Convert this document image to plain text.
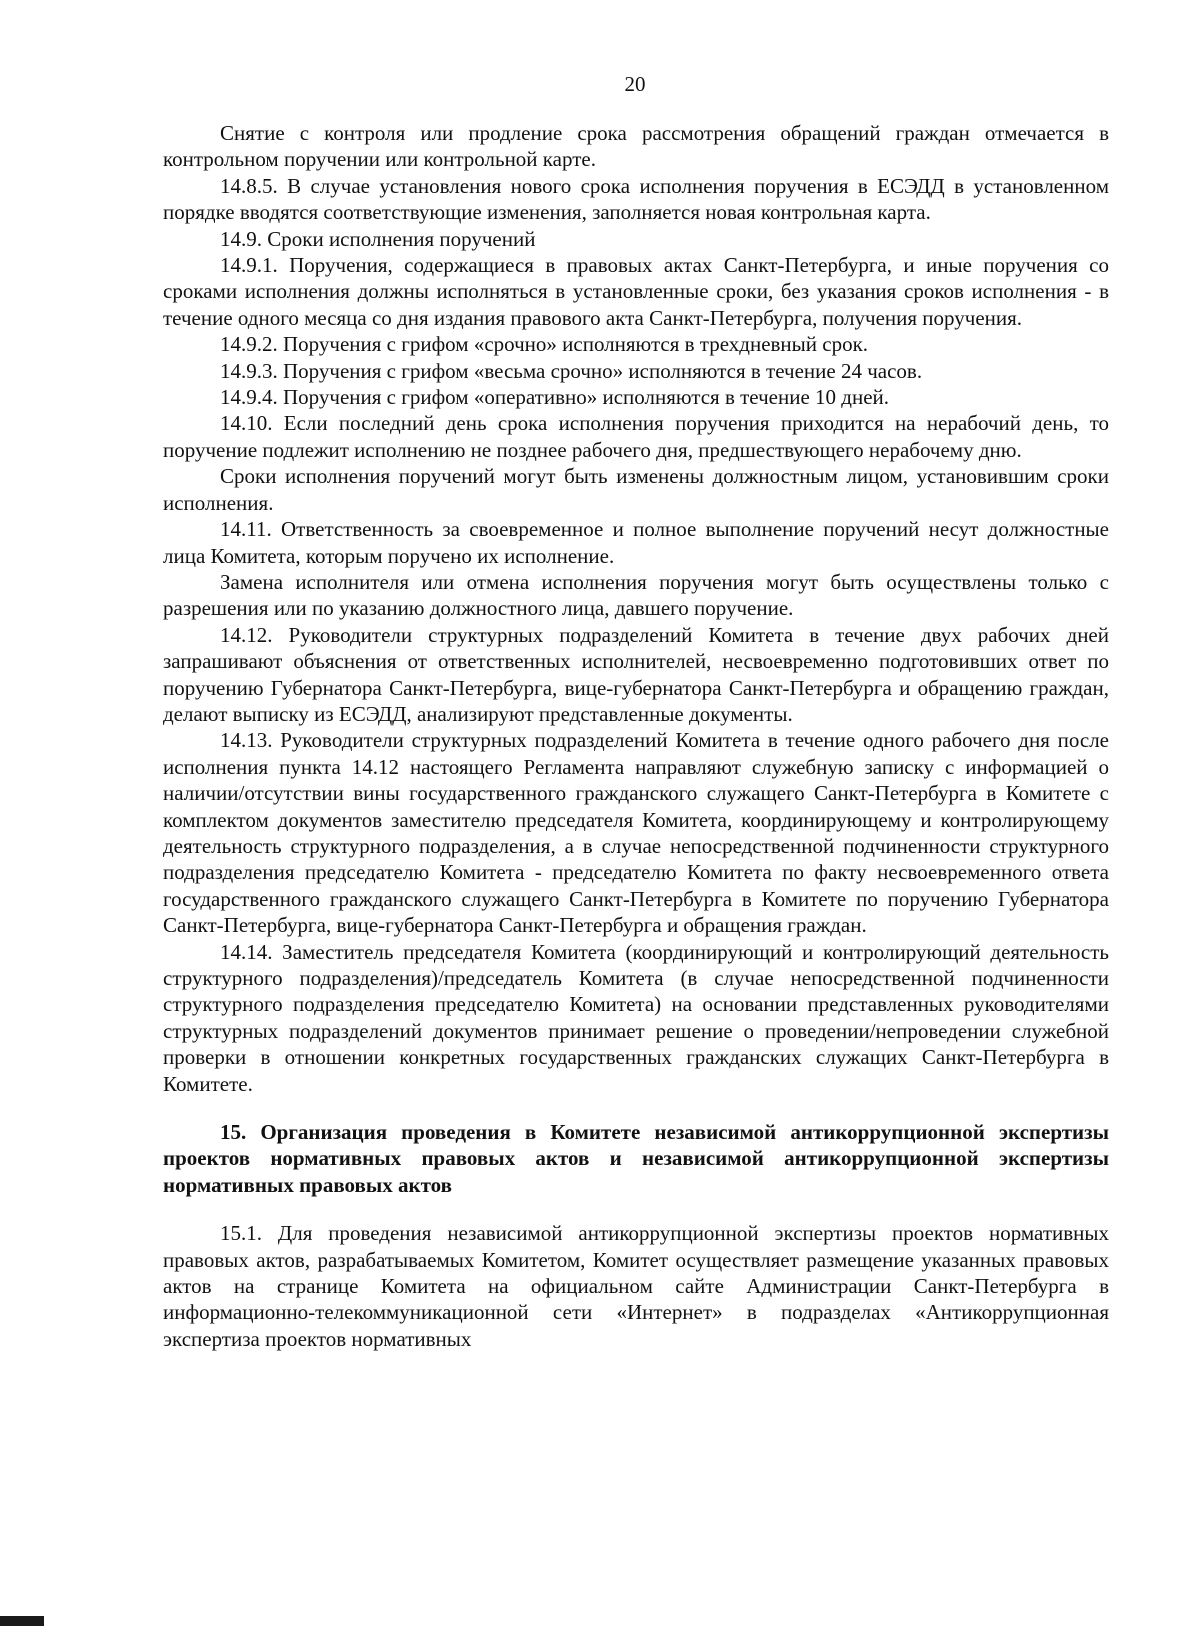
20

Снятие с контроля или продление срока рассмотрения обращений граждан отмечается в контрольном поручении или контрольной карте.

14.8.5. В случае установления нового срока исполнения поручения в ЕСЭДД в установленном порядке вводятся соответствующие изменения, заполняется новая контрольная карта.

14.9. Сроки исполнения поручений

14.9.1. Поручения, содержащиеся в правовых актах Санкт-Петербурга, и иные поручения со сроками исполнения должны исполняться в установленные сроки, без указания сроков исполнения - в течение одного месяца со дня издания правового акта Санкт-Петербурга, получения поручения.

14.9.2. Поручения с грифом «срочно» исполняются в трехдневный срок.

14.9.3. Поручения с грифом «весьма срочно» исполняются в течение 24 часов.

14.9.4. Поручения с грифом «оперативно» исполняются в течение 10 дней.

14.10. Если последний день срока исполнения поручения приходится на нерабочий день, то поручение подлежит исполнению не позднее рабочего дня, предшествующего нерабочему дню.

Сроки исполнения поручений могут быть изменены должностным лицом, установившим сроки исполнения.

14.11. Ответственность за своевременное и полное выполнение поручений несут должностные лица Комитета, которым поручено их исполнение.

Замена исполнителя или отмена исполнения поручения могут быть осуществлены только с разрешения или по указанию должностного лица, давшего поручение.

14.12. Руководители структурных подразделений Комитета в течение двух рабочих дней запрашивают объяснения от ответственных исполнителей, несвоевременно подготовивших ответ по поручению Губернатора Санкт-Петербурга, вице-губернатора Санкт-Петербурга и обращению граждан, делают выписку из ЕСЭДД, анализируют представленные документы.

14.13. Руководители структурных подразделений Комитета в течение одного рабочего дня после исполнения пункта 14.12 настоящего Регламента направляют служебную записку с информацией о наличии/отсутствии вины государственного гражданского служащего Санкт-Петербурга в Комитете с комплектом документов заместителю председателя Комитета, координирующему и контролирующему деятельность структурного подразделения, а в случае непосредственной подчиненности структурного подразделения председателю Комитета - председателю Комитета по факту несвоевременного ответа государственного гражданского служащего Санкт-Петербурга в Комитете по поручению Губернатора Санкт-Петербурга, вице-губернатора Санкт-Петербурга и обращения граждан.

14.14. Заместитель председателя Комитета (координирующий и контролирующий деятельность структурного подразделения)/председатель Комитета (в случае непосредственной подчиненности структурного подразделения председателю Комитета) на основании представленных руководителями структурных подразделений документов принимает решение о проведении/непроведении служебной проверки в отношении конкретных государственных гражданских служащих Санкт-Петербурга в Комитете.

15. Организация проведения в Комитете независимой антикоррупционной экспертизы проектов нормативных правовых актов и независимой антикоррупционной экспертизы нормативных правовых актов

15.1. Для проведения независимой антикоррупционной экспертизы проектов нормативных правовых актов, разрабатываемых Комитетом, Комитет осуществляет размещение указанных правовых актов на странице Комитета на официальном сайте Администрации Санкт-Петербурга в информационно-телекоммуникационной сети «Интернет» в подразделах «Антикоррупционная экспертиза проектов нормативных
